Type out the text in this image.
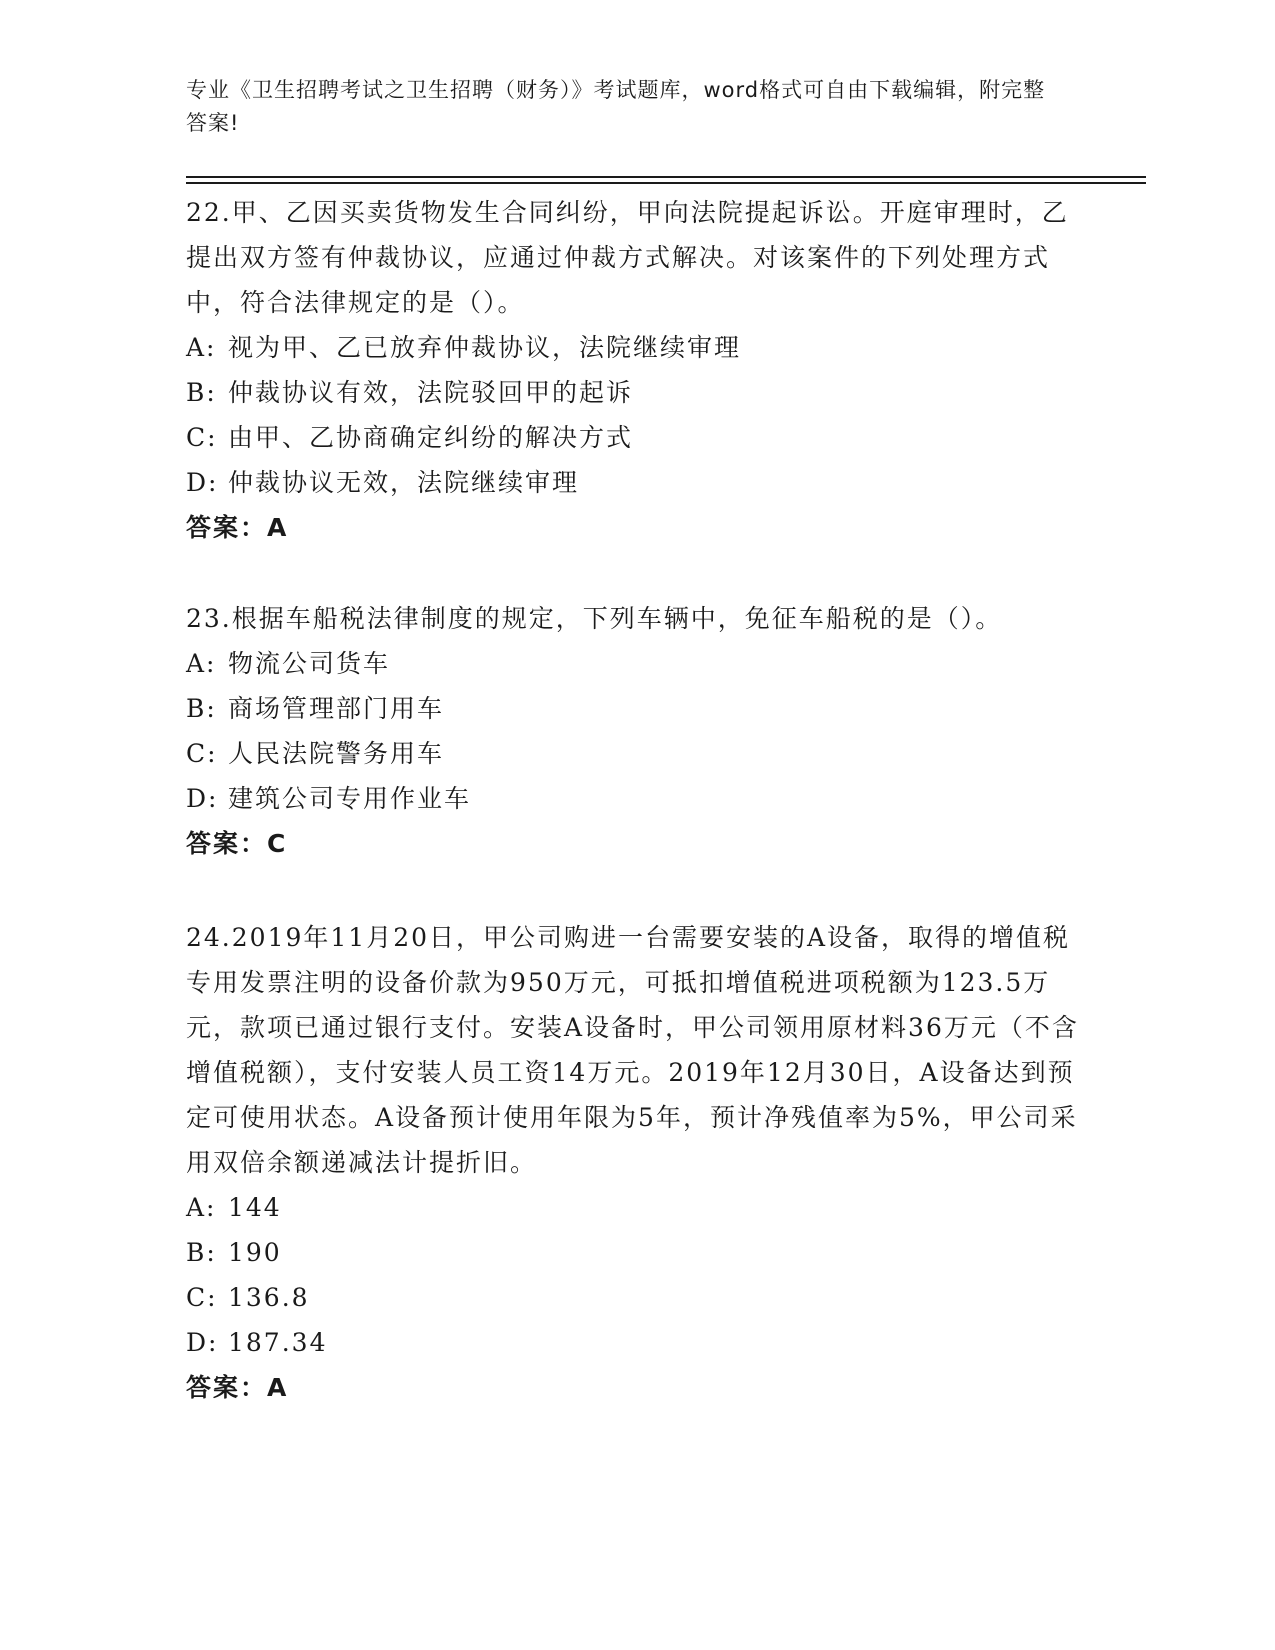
专业《卫生招聘考试之卫生招聘（财务）》考试题库，word格式可自由下载编辑，附完整答案!

22.甲、乙因买卖货物发生合同纠纷，甲向法院提起诉讼。开庭审理时，乙提出双方签有仲裁协议，应通过仲裁方式解决。对该案件的下列处理方式中，符合法律规定的是（）。

A: 视为甲、乙已放弃仲裁协议，法院继续审理

B: 仲裁协议有效，法院驳回甲的起诉

C: 由甲、乙协商确定纠纷的解决方式

D: 仲裁协议无效，法院继续审理

答案：A

23.根据车船税法律制度的规定，下列车辆中，免征车船税的是（）。

A: 物流公司货车

B: 商场管理部门用车

C: 人民法院警务用车

D: 建筑公司专用作业车

答案：C

24.2019年11月20日，甲公司购进一台需要安装的A设备，取得的增值税专用发票注明的设备价款为950万元，可抵扣增值税进项税额为123.5万元，款项已通过银行支付。安装A设备时，甲公司领用原材料36万元（不含增值税额），支付安装人员工资14万元。2019年12月30日，A设备达到预定可使用状态。A设备预计使用年限为5年，预计净残值率为5%，甲公司采用双倍余额递减法计提折旧。

A: 144

B: 190

C: 136.8

D: 187.34

答案：A
